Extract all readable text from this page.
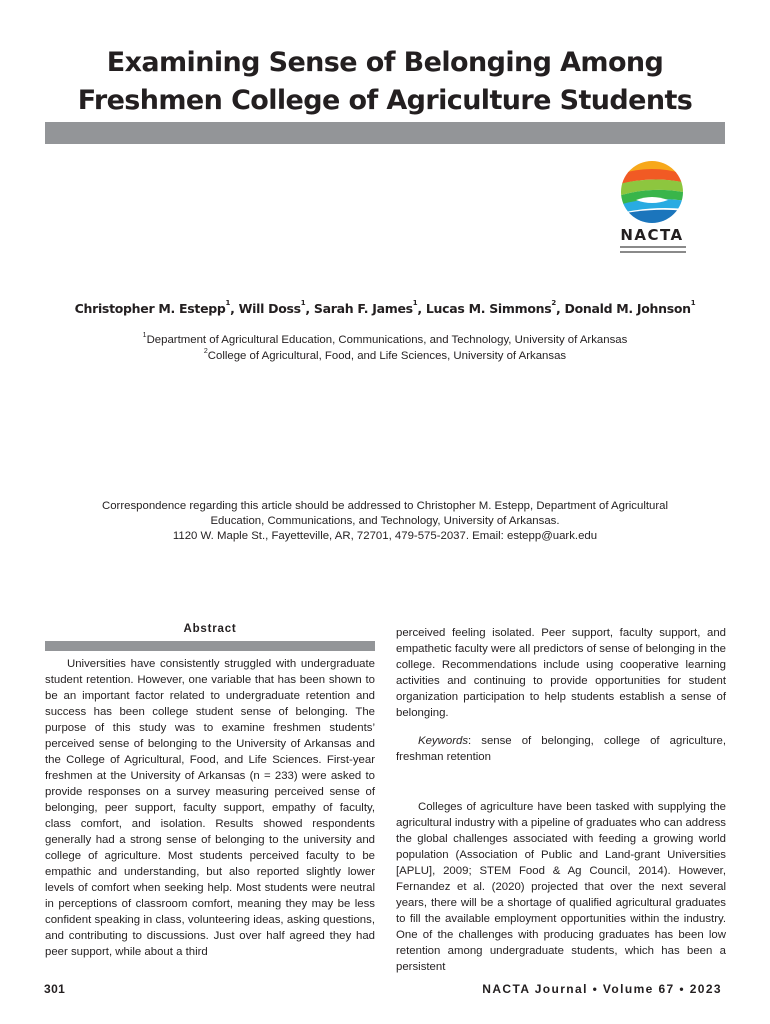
Examining Sense of Belonging Among
Freshmen College of Agriculture Students
NACTA
Christopher M. Estepp$^1$, Will Doss$^1$, Sarah F. James$^1$, Lucas M. Simmons$^2$, Donald M. Johnson$^1$
$^1$Department of Agricultural Education, Communications, and Technology, University of Arkansas
$^2$College of Agricultural, Food, and Life Sciences, University of Arkansas
Correspondence regarding this article should be addressed to Christopher M. Estepp, Department of Agricultural
Education, Communications, and Technology, University of Arkansas.
1120 W. Maple St., Fayetteville, AR, 72701, 479-575-2037. Email: estepp@uark.edu
Abstract

Universities have consistently struggled with undergraduate student retention. However, one variable that has been shown to be an important factor related to undergraduate retention and success has been college student sense of belonging. The purpose of this study was to examine freshmen students’ perceived sense of belonging to the University of Arkansas and the College of Agricultural, Food, and Life Sciences. First-year freshmen at the University of Arkansas (n = 233) were asked to provide responses on a survey measuring perceived sense of belonging, peer support, faculty support, empathy of faculty, class comfort, and isolation. Results showed respondents generally had a strong sense of belonging to the university and college of agriculture. Most students perceived faculty to be empathic and understanding, but also reported slightly lower levels of comfort when seeking help. Most students were neutral in perceptions of classroom comfort, meaning they may be less confident speaking in class, volunteering ideas, asking questions, and contributing to discussions. Just over half agreed they had peer support, while about a third

perceived feeling isolated. Peer support, faculty support, and empathetic faculty were all predictors of sense of belonging in the college. Recommendations include using cooperative learning activities and continuing to provide opportunities for student organization participation to help students establish a sense of belonging.

Keywords: sense of belonging, college of agriculture, freshman retention

Colleges of agriculture have been tasked with supplying the agricultural industry with a pipeline of graduates who can address the global challenges associated with feeding a growing world population (Association of Public and Land-grant Universities [APLU], 2009; STEM Food & Ag Council, 2014). However, Fernandez et al. (2020) projected that over the next several years, there will be a shortage of qualified agricultural graduates to fill the available employment opportunities within the industry. One of the challenges with producing graduates has been low retention among undergraduate students, which has been a persistent

301	NACTA Journal • Volume 67 • 2023
